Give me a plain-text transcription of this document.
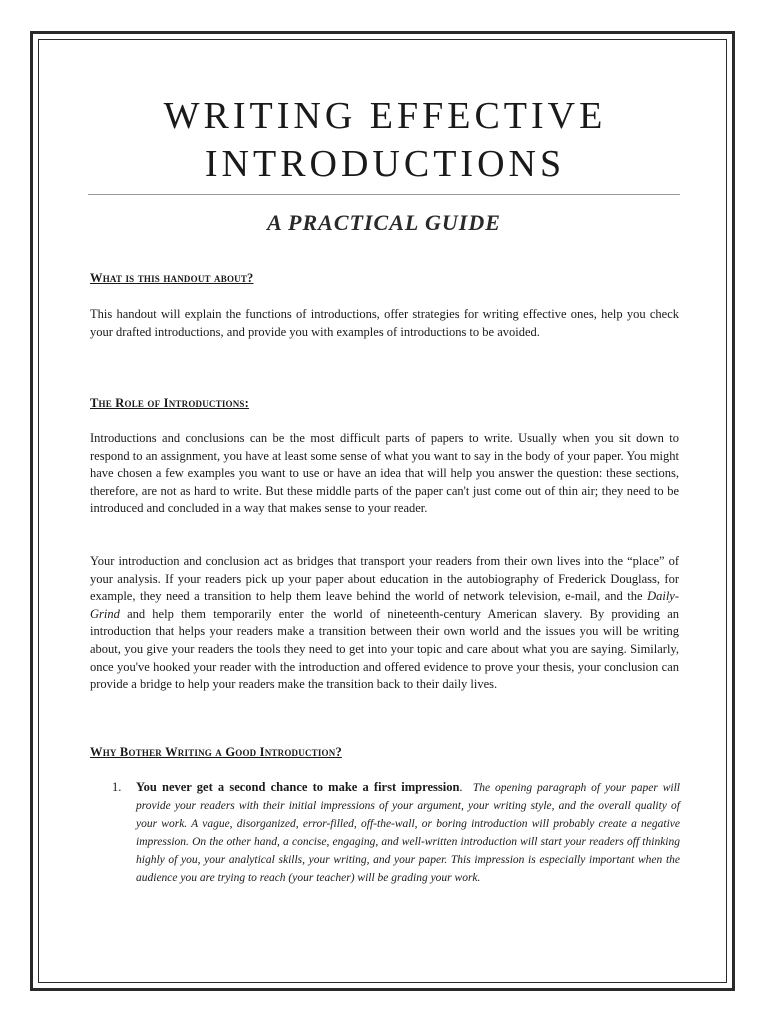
WRITING EFFECTIVE
INTRODUCTIONS
A PRACTICAL GUIDE
What is this handout about?

This handout will explain the functions of introductions, offer strategies for writing effective ones, help you check your drafted introductions, and provide you with examples of introductions to be avoided.

The Role of Introductions:

Introductions and conclusions can be the most difficult parts of papers to write. Usually when you sit down to respond to an assignment, you have at least some sense of what you want to say in the body of your paper. You might have chosen a few examples you want to use or have an idea that will help you answer the question: these sections, therefore, are not as hard to write. But these middle parts of the paper can't just come out of thin air; they need to be introduced and concluded in a way that makes sense to your reader.

Your introduction and conclusion act as bridges that transport your readers from their own lives into the “place” of your analysis. If your readers pick up your paper about education in the autobiography of Frederick Douglass, for example, they need a transition to help them leave behind the world of network television, e-mail, and the Daily-Grind and help them temporarily enter the world of nineteenth-century American slavery. By providing an introduction that helps your readers make a transition between their own world and the issues you will be writing about, you give your readers the tools they need to get into your topic and care about what you are saying. Similarly, once you've hooked your reader with the introduction and offered evidence to prove your thesis, your conclusion can provide a bridge to help your readers make the transition back to their daily lives.

Why Bother Writing a Good Introduction?
1. You never get a second chance to make a first impression. The opening paragraph of your paper will provide your readers with their initial impressions of your argument, your writing style, and the overall quality of your work. A vague, disorganized, error-filled, off-the-wall, or boring introduction will probably create a negative impression. On the other hand, a concise, engaging, and well-written introduction will start your readers off thinking highly of you, your analytical skills, your writing, and your paper. This impression is especially important when the audience you are trying to reach (your teacher) will be grading your work.
